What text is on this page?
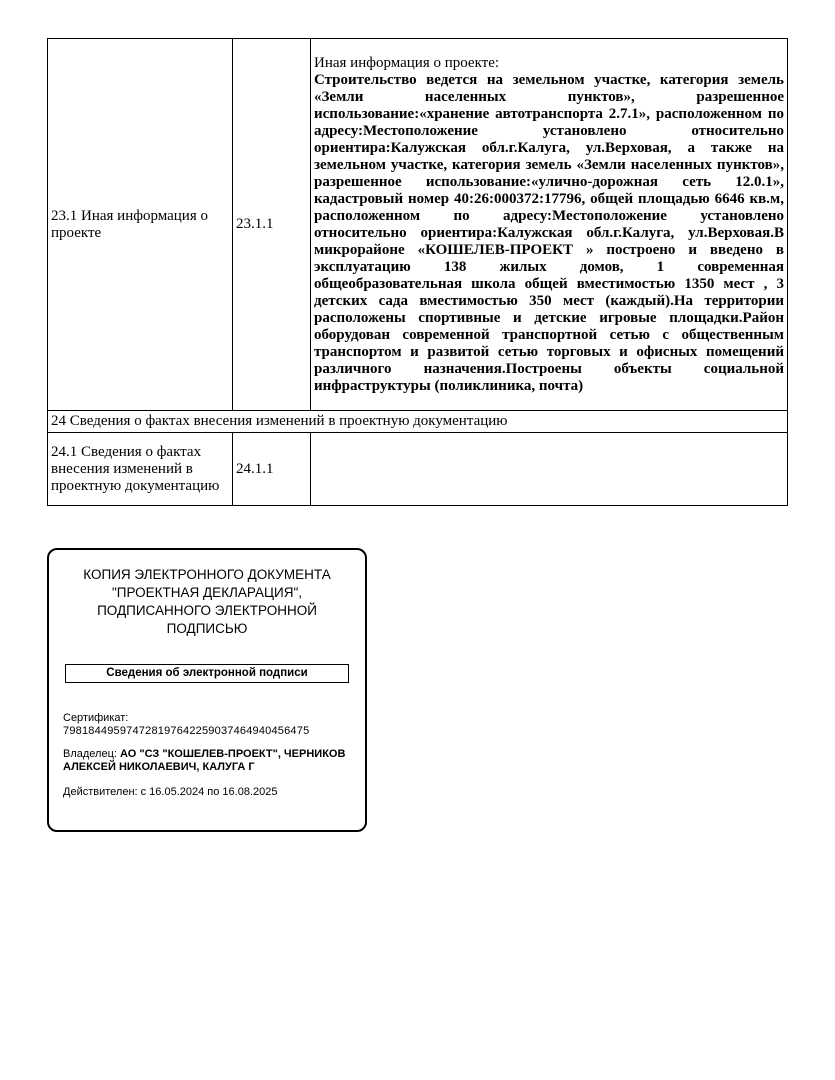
23.1 Иная информация о проекте	23.1.1	Иная информация о проекте:
Строительство ведется на земельном участке, категория земель «Земли населенных пунктов», разрешенное использование:«хранение автотранспорта 2.7.1», расположенном по адресу:Местоположение установлено относительно ориентира:Калужская обл.г.Калуга, ул.Верховая, а также на земельном участке, категория земель «Земли населенных пунктов», разрешенное использование:«улично-дорожная сеть 12.0.1», кадастровый номер 40:26:000372:17796, общей площадью 6646 кв.м, расположенном по адресу:Местоположение установлено относительно ориентира:Калужская обл.г.Калуга, ул.Верховая.В микрорайоне «КОШЕЛЕВ-ПРОЕКТ » построено и введено в эксплуатацию 138 жилых домов, 1 современная общеобразовательная школа общей вместимостью 1350 мест , 3 детских сада вместимостью 350 мест (каждый).На территории расположены спортивные и детские игровые площадки.Район оборудован современной транспортной сетью с общественным транспортом и развитой сетью торговых и офисных помещений различного назначения.Построены объекты социальной инфраструктуры (поликлиника, почта)

24 Сведения о фактах внесения изменений в проектную документацию		
24.1 Сведения о фактах внесения изменений в проектную документацию	24.1.1	
КОПИЯ ЭЛЕКТРОННОГО ДОКУМЕНТА "ПРОЕКТНАЯ ДЕКЛАРАЦИЯ", ПОДПИСАННОГО ЭЛЕКТРОННОЙ ПОДПИСЬЮ
Сведения об электронной подписи
Сертификат:
798184495974728197642259037464940456475
Владелец: АО "СЗ "КОШЕЛЕВ-ПРОЕКТ", ЧЕРНИКОВ АЛЕКСЕЙ НИКОЛАЕВИЧ, КАЛУГА Г
Действителен: с 16.05.2024 по 16.08.2025
